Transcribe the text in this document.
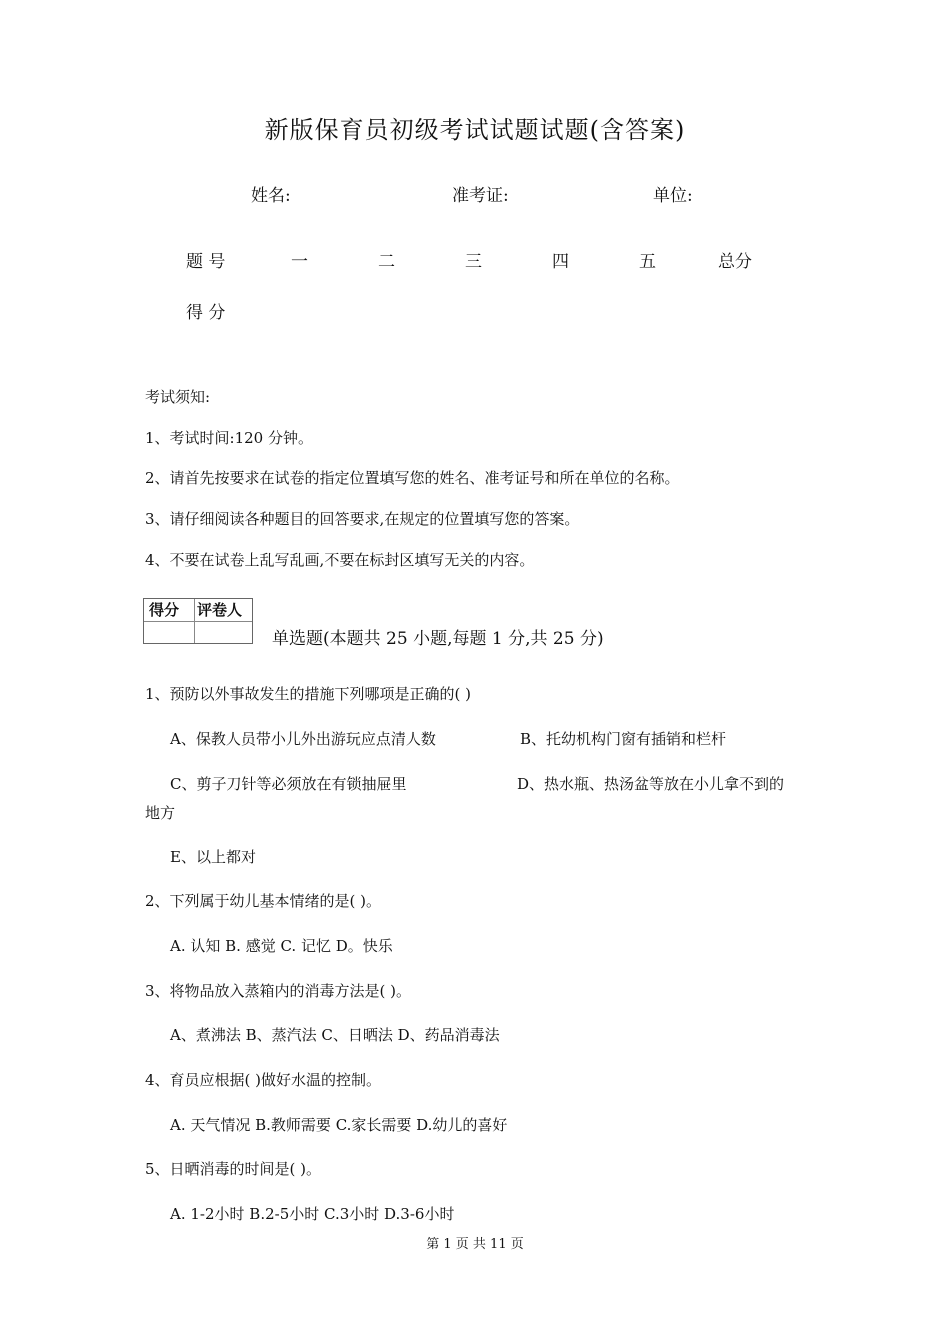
新版保育员初级考试试题试题(含答案)
姓名:	准考证:	单位:
题 号	一	二	三	四	五	总分
得 分
考试须知:
1、考试时间:120 分钟。
2、请首先按要求在试卷的指定位置填写您的姓名、准考证号和所在单位的名称。
3、请仔细阅读各种题目的回答要求,在规定的位置填写您的答案。
4、不要在试卷上乱写乱画,不要在标封区填写无关的内容。
得分 评卷人
单选题(本题共 25 小题,每题 1 分,共 25 分)
1、预防以外事故发生的措施下列哪项是正确的( )
A、保教人员带小儿外出游玩应点清人数	B、托幼机构门窗有插销和栏杆
C、剪子刀针等必须放在有锁抽屉里	D、热水瓶、热汤盆等放在小儿拿不到的
地方
E、以上都对
2、下列属于幼儿基本情绪的是( )。
A. 认知 B. 感觉 C. 记忆 D。快乐
3、将物品放入蒸箱内的消毒方法是( )。
A、煮沸法 B、蒸汽法 C、日晒法 D、药品消毒法
4、育员应根据( )做好水温的控制。
A. 天气情况 B.教师需要 C.家长需要 D.幼儿的喜好
5、日晒消毒的时间是( )。
A. 1-2小时 B.2-5小时 C.3小时 D.3-6小时
第 1 页 共 11 页
